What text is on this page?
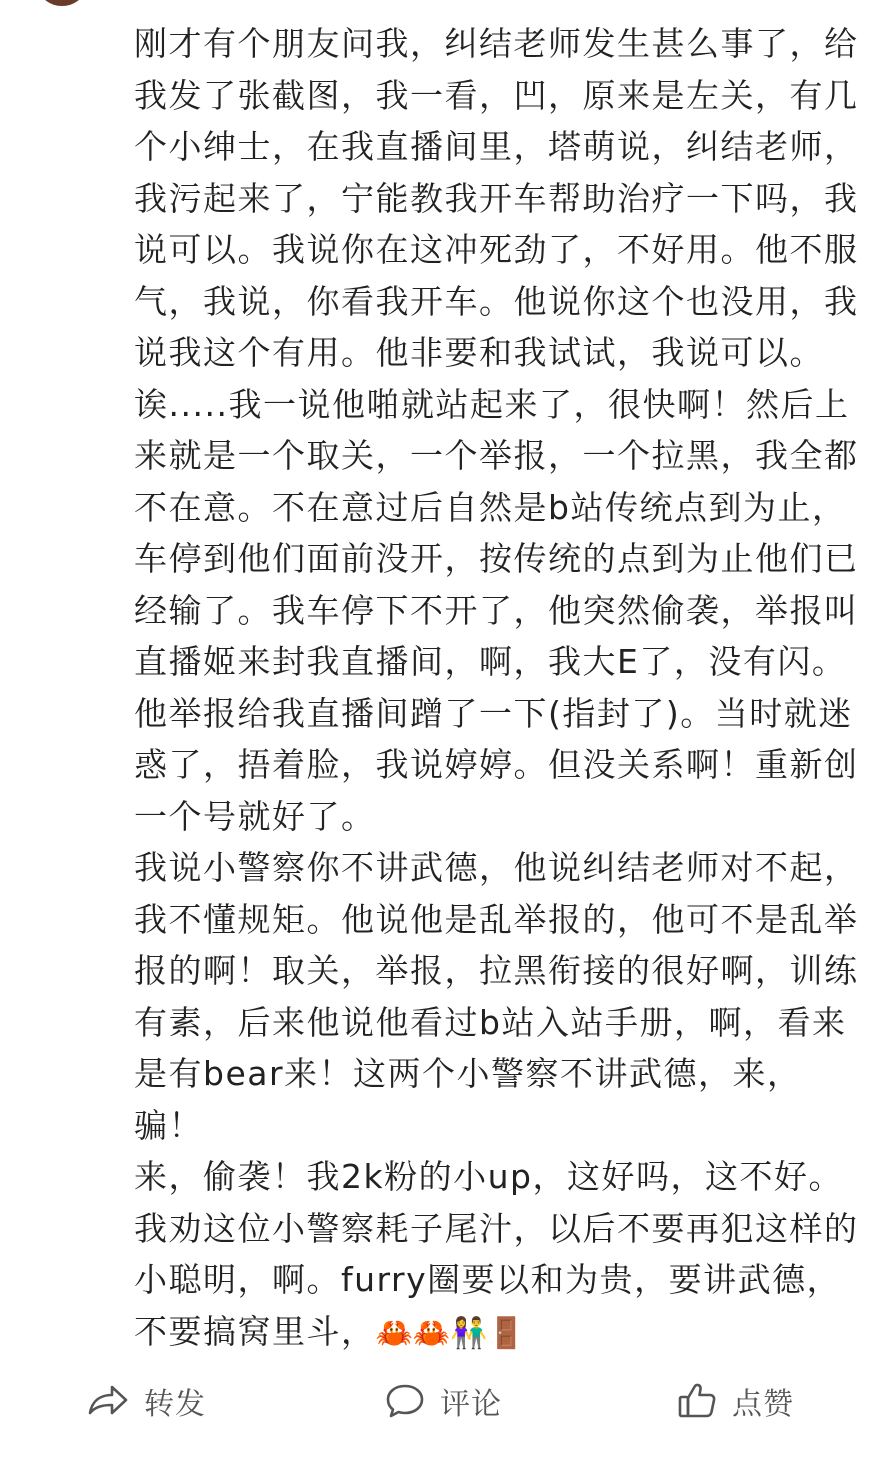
刚才有个朋友问我，纠结老师发生甚么事了，给我发了张截图，我一看，凹，原来是左关，有几个小绅士，在我直播间里，塔萌说，纠结老师，我污起来了，宁能教我开车帮助治疗一下吗，我说可以。我说你在这冲死劲了，不好用。他不服气，我说，你看我开车。他说你这个也没用，我说我这个有用。他非要和我试试，我说可以。

诶.....我一说他啪就站起来了，很快啊！然后上来就是一个取关，一个举报，一个拉黑，我全都不在意。不在意过后自然是b站传统点到为止，车停到他们面前没开，按传统的点到为止他们已经输了。我车停下不开了，他突然偷袭，举报叫直播姬来封我直播间，啊，我大E了，没有闪。他举报给我直播间蹭了一下(指封了)。当时就迷惑了，捂着脸，我说婷婷。但没关系啊！重新创一个号就好了。

我说小警察你不讲武德，他说纠结老师对不起，我不懂规矩。他说他是乱举报的，他可不是乱举报的啊！取关，举报，拉黑衔接的很好啊，训练有素，后来他说他看过b站入站手册，啊，看来是有bear来！这两个小警察不讲武德，来，骗！

来，偷袭！我2k粉的小up，这好吗，这不好。我劝这位小警察耗子尾汁，以后不要再犯这样的小聪明，啊。furry圈要以和为贵，要讲武德，不要搞窝里斗，🦀🦀👫🚪

转发	评论	点赞
